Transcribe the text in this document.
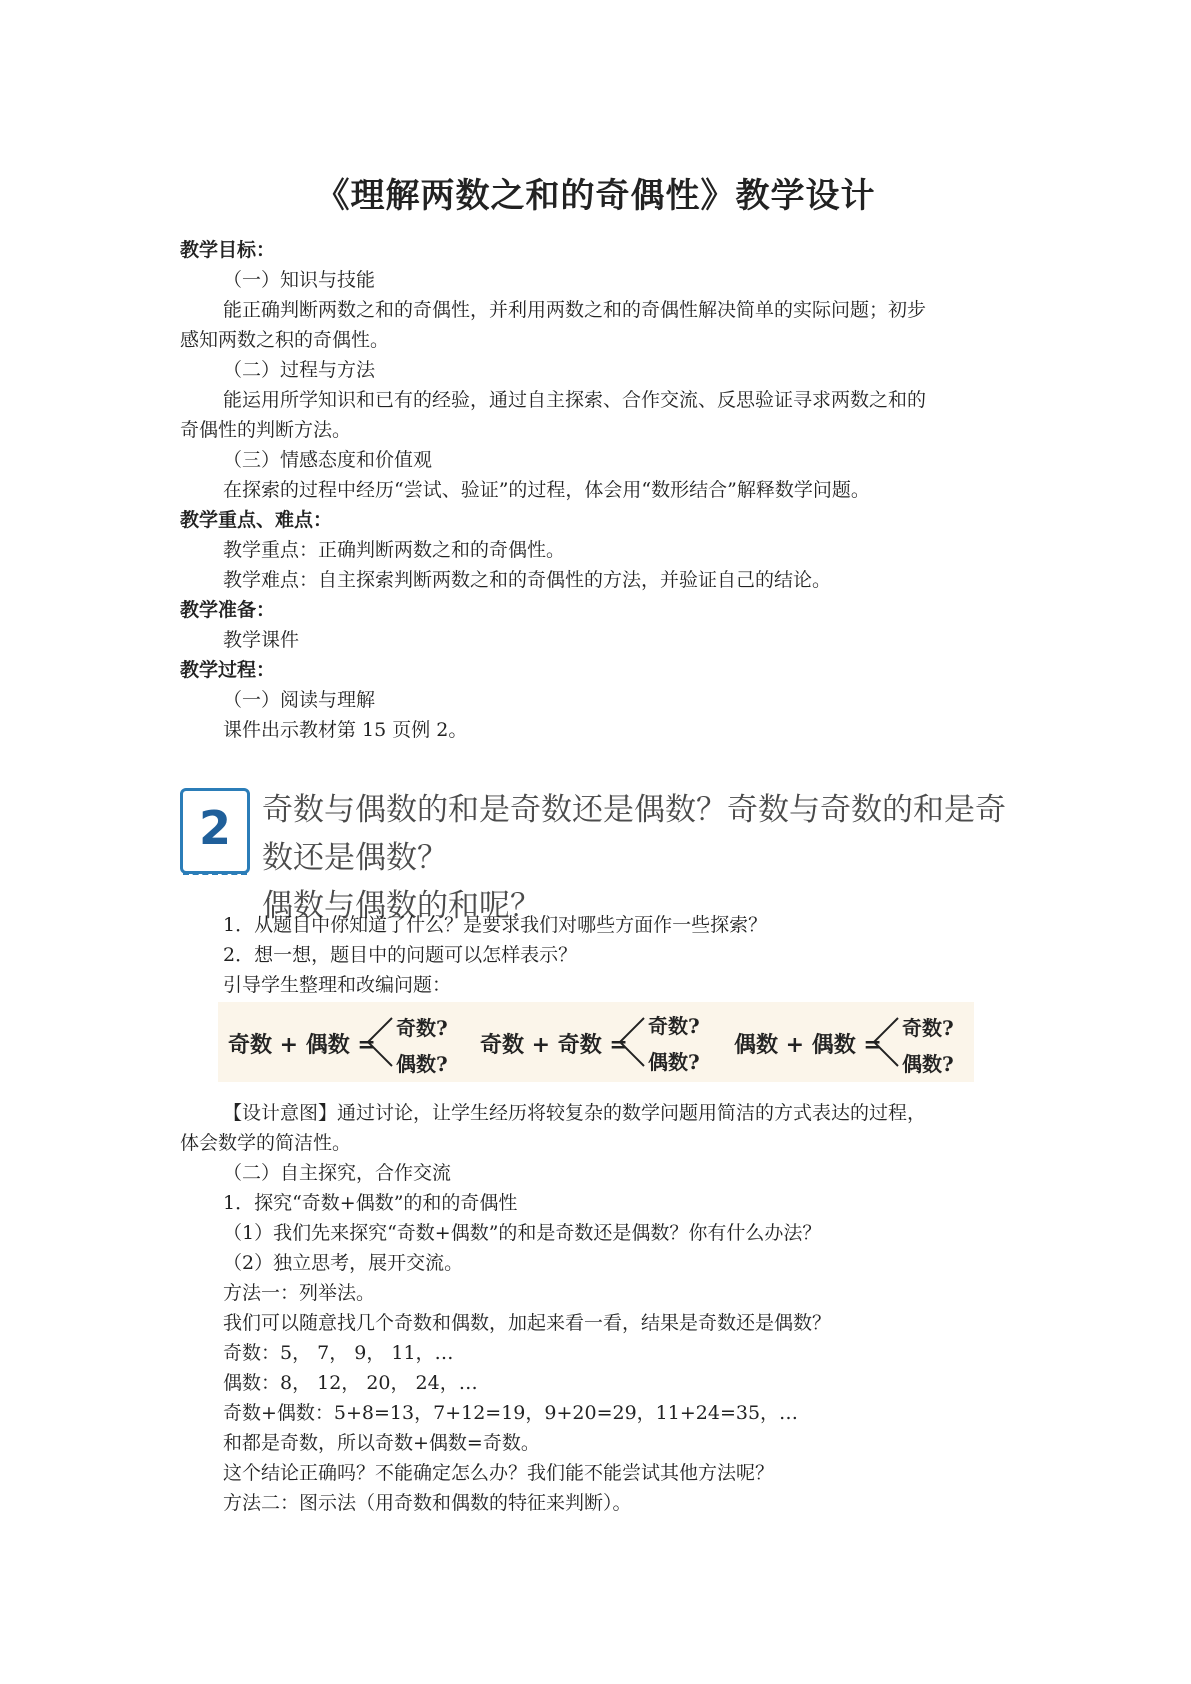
《理解两数之和的奇偶性》教学设计
教学目标：
（一）知识与技能
能正确判断两数之和的奇偶性，并利用两数之和的奇偶性解决简单的实际问题；初步
感知两数之积的奇偶性。
（二）过程与方法
能运用所学知识和已有的经验，通过自主探索、合作交流、反思验证寻求两数之和的
奇偶性的判断方法。
（三）情感态度和价值观
在探索的过程中经历“尝试、验证”的过程，体会用“数形结合”解释数学问题。
教学重点、难点：
教学重点：正确判断两数之和的奇偶性。
教学难点：自主探索判断两数之和的奇偶性的方法，并验证自己的结论。
教学准备：
教学课件
教学过程：
（一）阅读与理解
课件出示教材第 15 页例 2。
2	奇数与偶数的和是奇数还是偶数？奇数与奇数的和是奇数还是偶数？
偶数与偶数的和呢？
1．从题目中你知道了什么？是要求我们对哪些方面作一些探索？
2．想一想，题目中的问题可以怎样表示？
引导学生整理和改编问题：
奇数 + 偶数 =
奇数?
偶数?
奇数 + 奇数 =
奇数?
偶数?
偶数 + 偶数 =
奇数?
偶数?
【设计意图】通过讨论，让学生经历将较复杂的数学问题用简洁的方式表达的过程，
体会数学的简洁性。
（二）自主探究，合作交流
1．探究“奇数+偶数”的和的奇偶性
（1）我们先来探究“奇数+偶数”的和是奇数还是偶数？你有什么办法？
（2）独立思考，展开交流。
方法一：列举法。
我们可以随意找几个奇数和偶数，加起来看一看，结果是奇数还是偶数？
奇数：5， 7， 9， 11，…
偶数：8， 12， 20， 24，…
奇数+偶数：5+8=13，7+12=19，9+20=29，11+24=35，…
和都是奇数，所以奇数+偶数=奇数。
这个结论正确吗？不能确定怎么办？我们能不能尝试其他方法呢？
方法二：图示法（用奇数和偶数的特征来判断）。
